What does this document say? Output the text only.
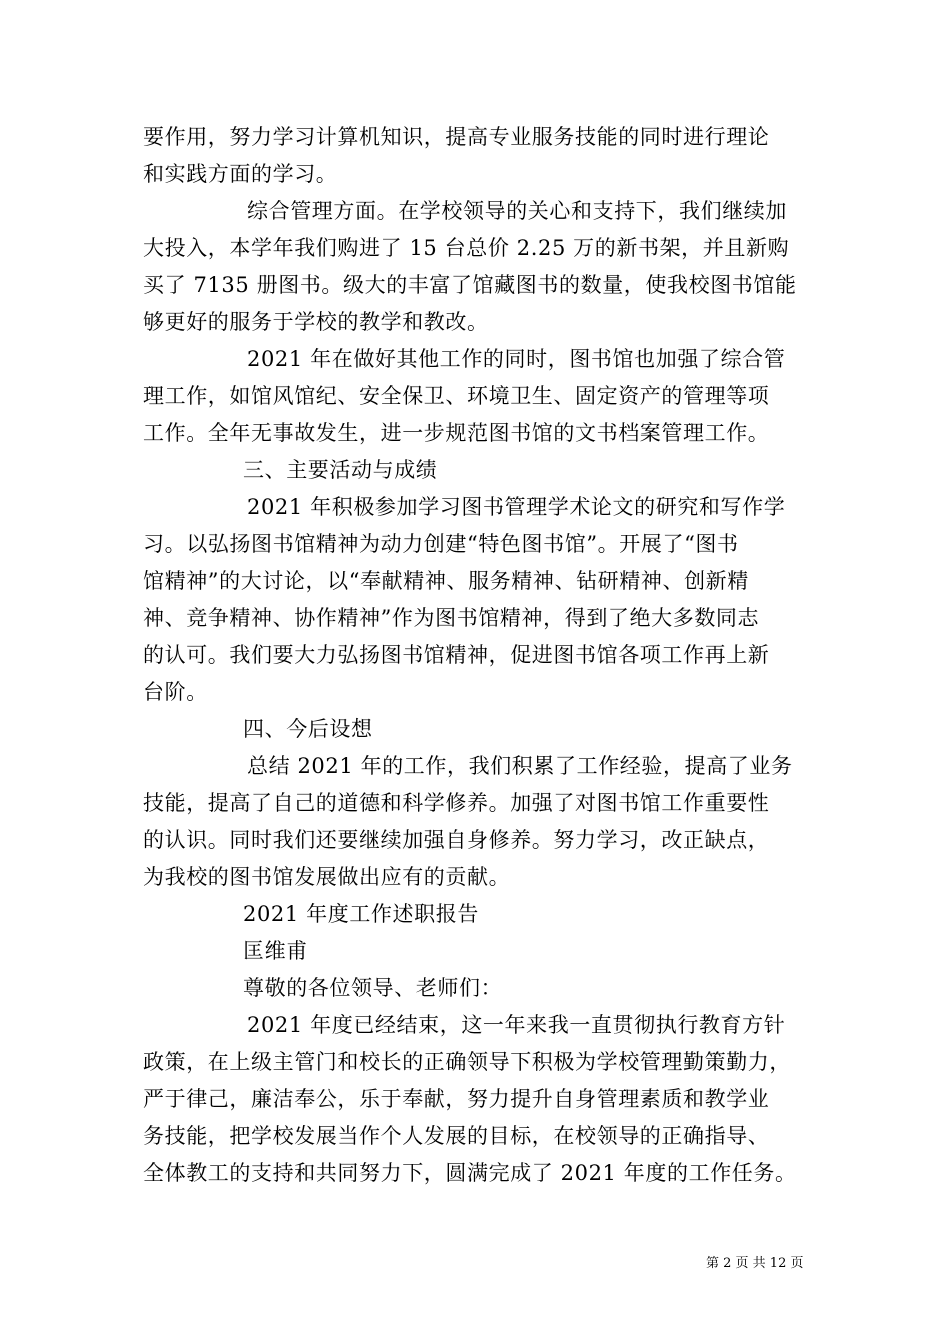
要作用，努力学习计算机知识，提高专业服务技能的同时进行理论
和实践方面的学习。
综合管理方面。在学校领导的关心和支持下，我们继续加
大投入，本学年我们购进了 15 台总价 2.25 万的新书架，并且新购
买了 7135 册图书。级大的丰富了馆藏图书的数量，使我校图书馆能
够更好的服务于学校的教学和教改。
2021 年在做好其他工作的同时，图书馆也加强了综合管
理工作，如馆风馆纪、安全保卫、环境卫生、固定资产的管理等项
工作。全年无事故发生，进一步规范图书馆的文书档案管理工作。
三、主要活动与成绩
2021 年积极参加学习图书管理学术论文的研究和写作学
习。以弘扬图书馆精神为动力创建“特色图书馆”。开展了“图书
馆精神”的大讨论，以“奉献精神、服务精神、钻研精神、创新精
神、竞争精神、协作精神”作为图书馆精神，得到了绝大多数同志
的认可。我们要大力弘扬图书馆精神，促进图书馆各项工作再上新
台阶。
四、今后设想
总结 2021 年的工作，我们积累了工作经验，提高了业务
技能，提高了自己的道德和科学修养。加强了对图书馆工作重要性
的认识。同时我们还要继续加强自身修养。努力学习，改正缺点，
为我校的图书馆发展做出应有的贡献。
2021 年度工作述职报告
匡维甫
尊敬的各位领导、老师们：
2021 年度已经结束，这一年来我一直贯彻执行教育方针
政策，在上级主管门和校长的正确领导下积极为学校管理勤策勤力，
严于律己，廉洁奉公，乐于奉献，努力提升自身管理素质和教学业
务技能，把学校发展当作个人发展的目标，在校领导的正确指导、
全体教工的支持和共同努力下，圆满完成了 2021 年度的工作任务。
第 2 页 共 12 页
